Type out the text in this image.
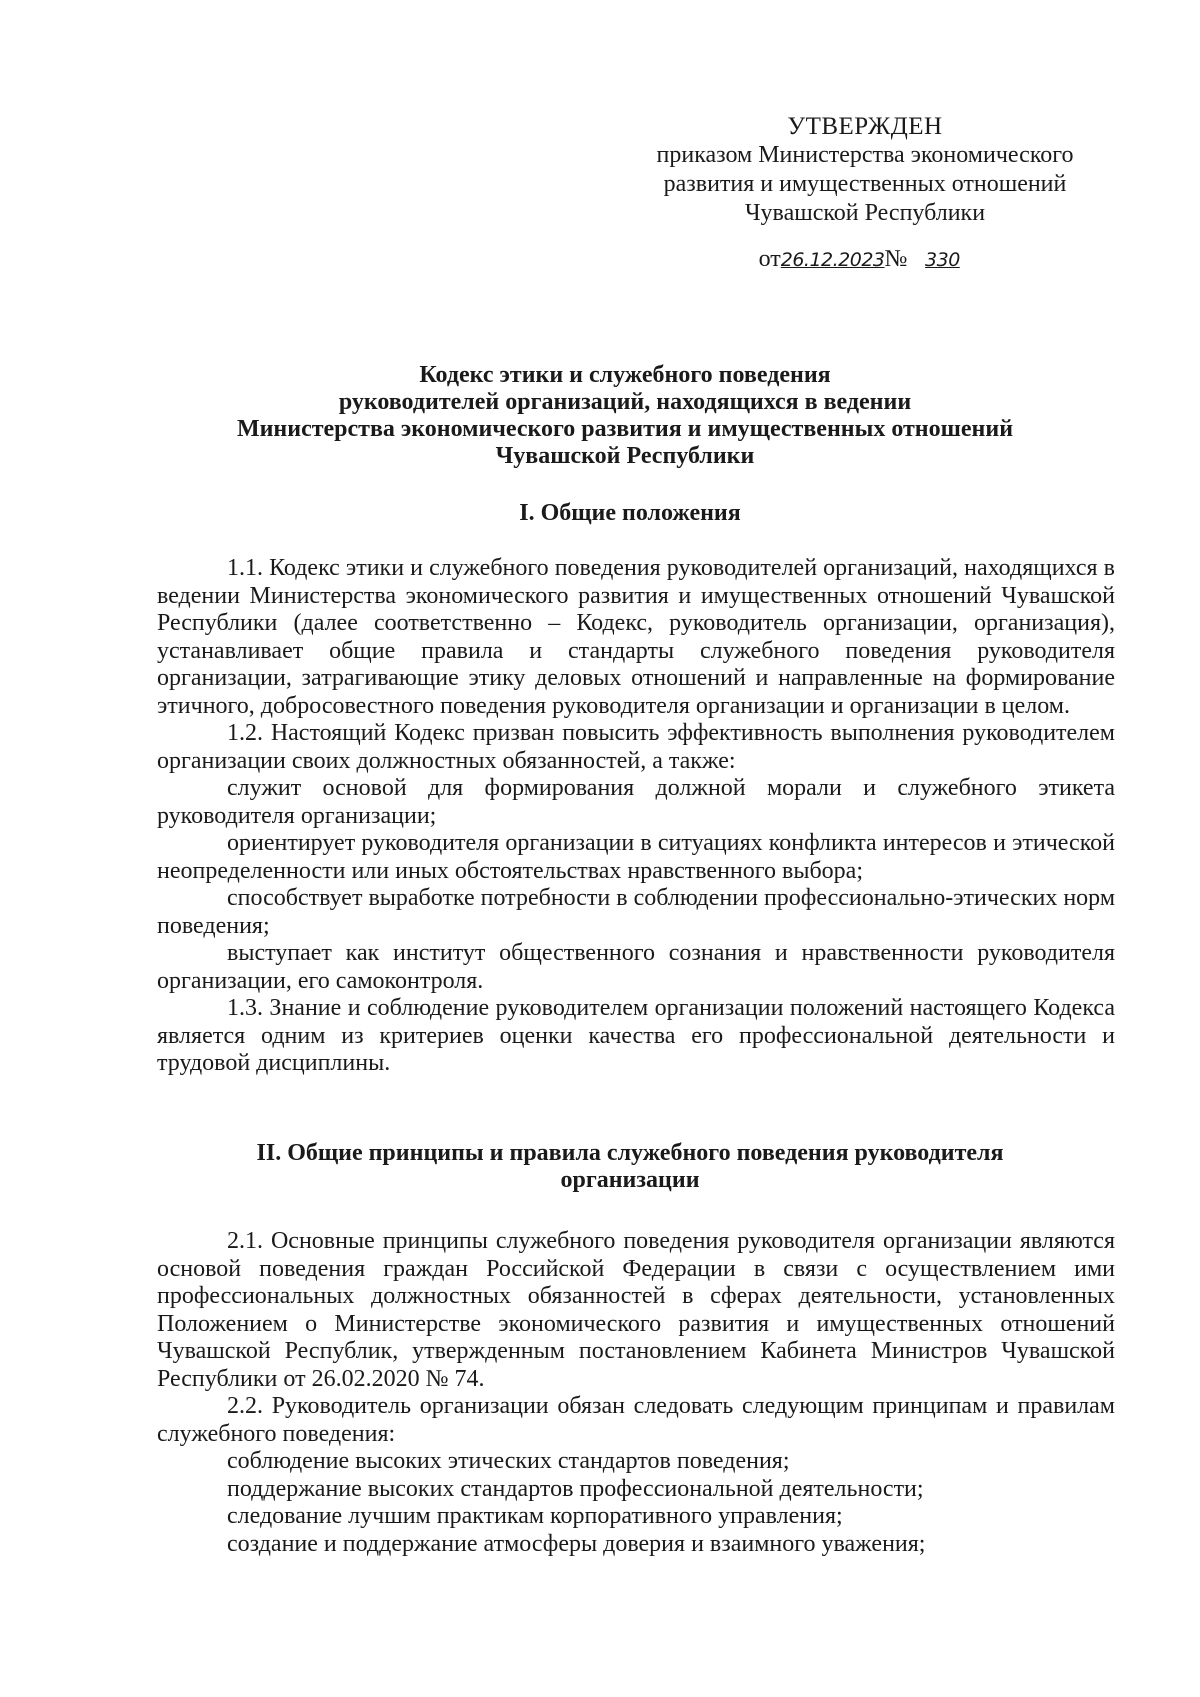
УТВЕРЖДЕН
приказом Министерства экономического
развития и имущественных отношений
Чувашской Республики
от26.12.2023№ 330
Кодекс этики и служебного поведения
руководителей организаций, находящихся в ведении
Министерства экономического развития и имущественных отношений
Чувашской Республики
I. Общие положения

1.1. Кодекс этики и служебного поведения руководителей организаций, находящихся в ведении Министерства экономического развития и имущественных отношений Чувашской Республики (далее соответственно – Кодекс, руководитель организации, организация), устанавливает общие правила и стандарты служебного поведения руководителя организации, затрагивающие этику деловых отношений и направленные на формирование этичного, добросовестного поведения руководителя организации и организации в целом.

1.2. Настоящий Кодекс призван повысить эффективность выполнения руководителем организации своих должностных обязанностей, а также:

служит основой для формирования должной морали и служебного этикета руководителя организации;

ориентирует руководителя организации в ситуациях конфликта интересов и этической неопределенности или иных обстоятельствах нравственного выбора;

способствует выработке потребности в соблюдении профессионально-этических норм поведения;

выступает как институт общественного сознания и нравственности руководителя организации, его самоконтроля.

1.3. Знание и соблюдение руководителем организации положений настоящего Кодекса является одним из критериев оценки качества его профессиональной деятельности и трудовой дисциплины.

II. Общие принципы и правила служебного поведения руководителя
организации

2.1. Основные принципы служебного поведения руководителя организации являются основой поведения граждан Российской Федерации в связи с осуществлением ими профессиональных должностных обязанностей в сферах деятельности, установленных Положением о Министерстве экономического развития и имущественных отношений Чувашской Республик, утвержденным постановлением Кабинета Министров Чувашской Республики от 26.02.2020 № 74.

2.2. Руководитель организации обязан следовать следующим принципам и правилам служебного поведения:

соблюдение высоких этических стандартов поведения;

поддержание высоких стандартов профессиональной деятельности;

следование лучшим практикам корпоративного управления;

создание и поддержание атмосферы доверия и взаимного уважения;
